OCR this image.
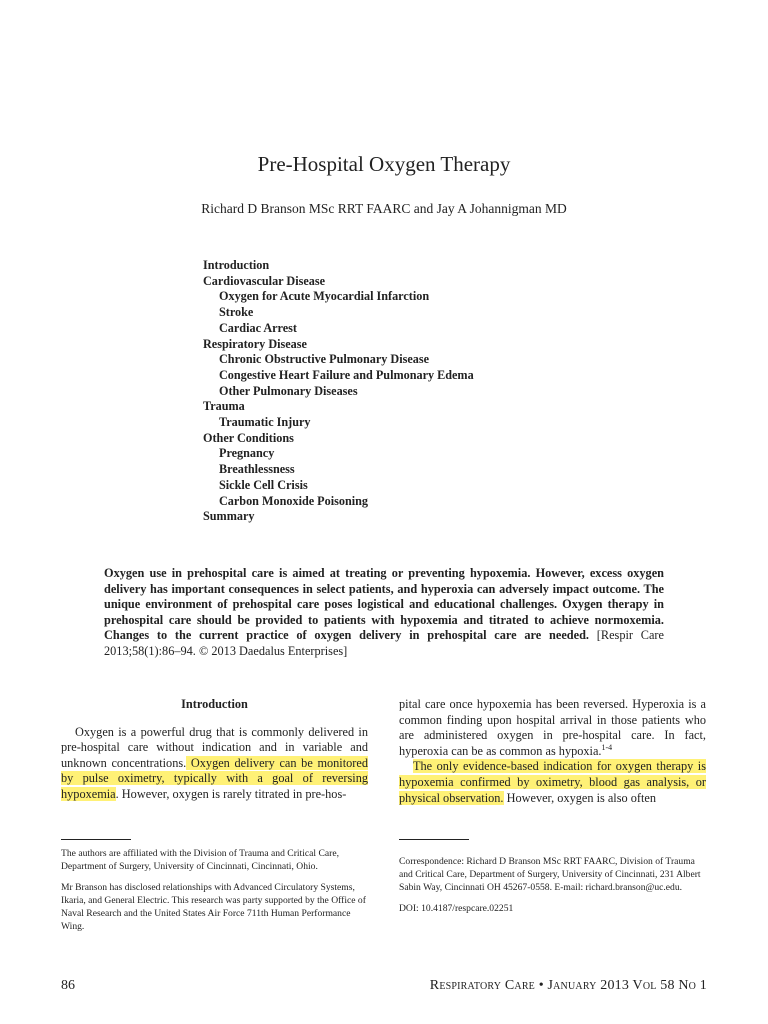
Pre-Hospital Oxygen Therapy
Richard D Branson MSc RRT FAARC and Jay A Johannigman MD
Introduction
Cardiovascular Disease
Oxygen for Acute Myocardial Infarction
Stroke
Cardiac Arrest
Respiratory Disease
Chronic Obstructive Pulmonary Disease
Congestive Heart Failure and Pulmonary Edema
Other Pulmonary Diseases
Trauma
Traumatic Injury
Other Conditions
Pregnancy
Breathlessness
Sickle Cell Crisis
Carbon Monoxide Poisoning
Summary
Oxygen use in prehospital care is aimed at treating or preventing hypoxemia. However, excess oxygen delivery has important consequences in select patients, and hyperoxia can adversely impact outcome. The unique environment of prehospital care poses logistical and educational challenges. Oxygen therapy in prehospital care should be provided to patients with hypoxemia and titrated to achieve normoxemia. Changes to the current practice of oxygen delivery in prehospital care are needed. [Respir Care 2013;58(1):86–94. © 2013 Daedalus Enterprises]
Introduction

Oxygen is a powerful drug that is commonly delivered in pre-hospital care without indication and in variable and unknown concentrations. Oxygen delivery can be monitored by pulse oximetry, typically with a goal of reversing hypoxemia. However, oxygen is rarely titrated in pre-hos-

pital care once hypoxemia has been reversed. Hyperoxia is a common finding upon hospital arrival in those patients who are administered oxygen in pre-hospital care. In fact, hyperoxia can be as common as hypoxia.$^{1-4}$

The only evidence-based indication for oxygen therapy is hypoxemia confirmed by oximetry, blood gas analysis, or physical observation. However, oxygen is also often

The authors are affiliated with the Division of Trauma and Critical Care, Department of Surgery, University of Cincinnati, Cincinnati, Ohio.

Mr Branson has disclosed relationships with Advanced Circulatory Systems, Ikaria, and General Electric. This research was party supported by the Office of Naval Research and the United States Air Force 711th Human Performance Wing.

Correspondence: Richard D Branson MSc RRT FAARC, Division of Trauma and Critical Care, Department of Surgery, University of Cincinnati, 231 Albert Sabin Way, Cincinnati OH 45267-0558. E-mail: richard.branson@uc.edu.

DOI: 10.4187/respcare.02251

86	Respiratory Care • January 2013 Vol 58 No 1
